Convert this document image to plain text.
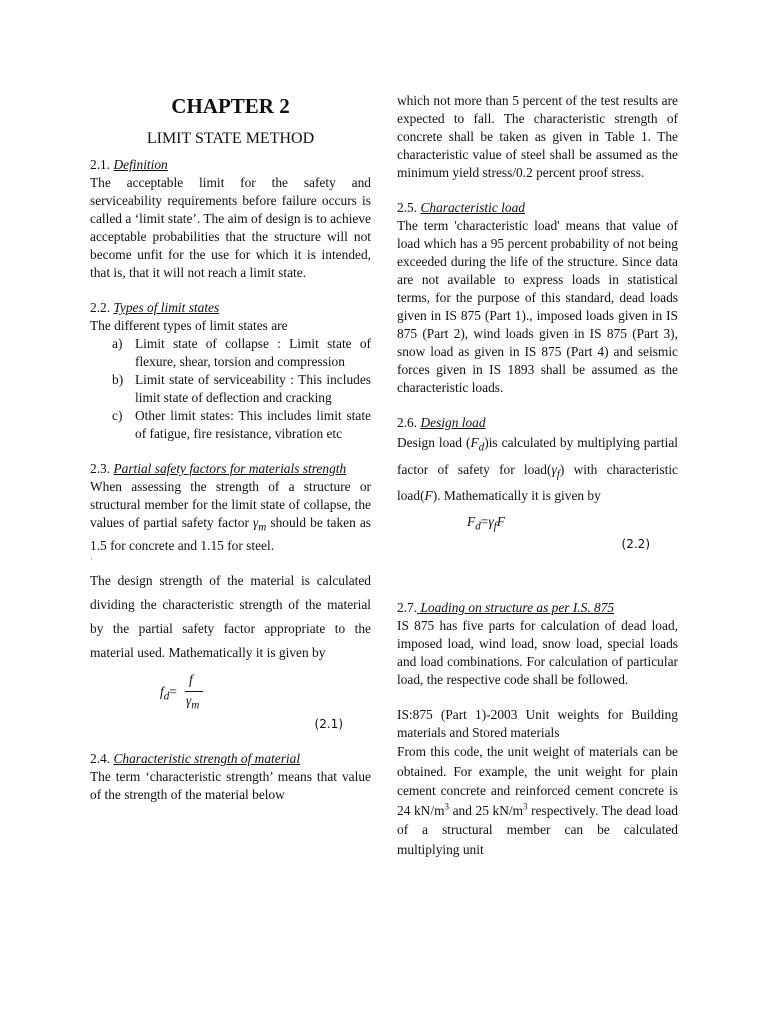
CHAPTER 2

LIMIT STATE METHOD

2.1. Definition

The acceptable limit for the safety and serviceability requirements before failure occurs is called a ‘limit state’. The aim of design is to achieve acceptable probabilities that the structure will not become unfit for the use for which it is intended, that is, that it will not reach a limit state.

2.2. Types of limit states

The different types of limit states are

a) Limit state of collapse : Limit state of flexure, shear, torsion and compression
b) Limit state of serviceability : This includes limit state of deflection and cracking
c) Other limit states: This includes limit state of fatigue, fire resistance, vibration etc

2.3. Partial safety factors for materials strength

When assessing the strength of a structure or structural member for the limit state of collapse, the values of partial safety factor $\gamma_m$ should be taken as 1.5 for concrete and 1.15 for steel.

·

The design strength of the material is calculated dividing the characteristic strength of the material by the partial safety factor appropriate to the material used. Mathematically it is given by

$f_d=$
f
$\gamma_m$
(2.1)

2.4. Characteristic strength of material

The term ‘characteristic strength’ means that value of the strength of the material below

which not more than 5 percent of the test results are expected to fall. The characteristic strength of concrete shall be taken as given in Table 1. The characteristic value of steel shall be assumed as the minimum yield stress/0.2 percent proof stress.

2.5. Characteristic load

The term 'characteristic load' means that value of load which has a 95 percent probability of not being exceeded during the life of the structure. Since data are not available to express loads in statistical terms, for the purpose of this standard, dead loads given in IS 875 (Part 1)., imposed loads given in IS 875 (Part 2), wind loads given in IS 875 (Part 3), snow load as given in IS 875 (Part 4) and seismic forces given in IS 1893 shall be assumed as the characteristic loads.

2.6. Design load

Design load $(F_d)is$ calculated by multiplying partial factor of safety for $load(\gamma_f)$ with characteristic load(F). Mathematically it is given by

$F_d=\gamma_fF$
(2.2)

2.7. Loading on structure as per I.S. 875

IS 875 has five parts for calculation of dead load, imposed load, wind load, snow load, special loads and load combinations. For calculation of particular load, the respective code shall be followed.

IS:875 (Part 1)-2003 Unit weights for Building materials and Stored materials

From this code, the unit weight of materials can be obtained. For example, the unit weight for plain cement concrete and reinforced cement concrete is 24 $kN/m^3$ and 25 $kN/m^3$ respectively. The dead load of a structural member can be calculated multiplying unit
